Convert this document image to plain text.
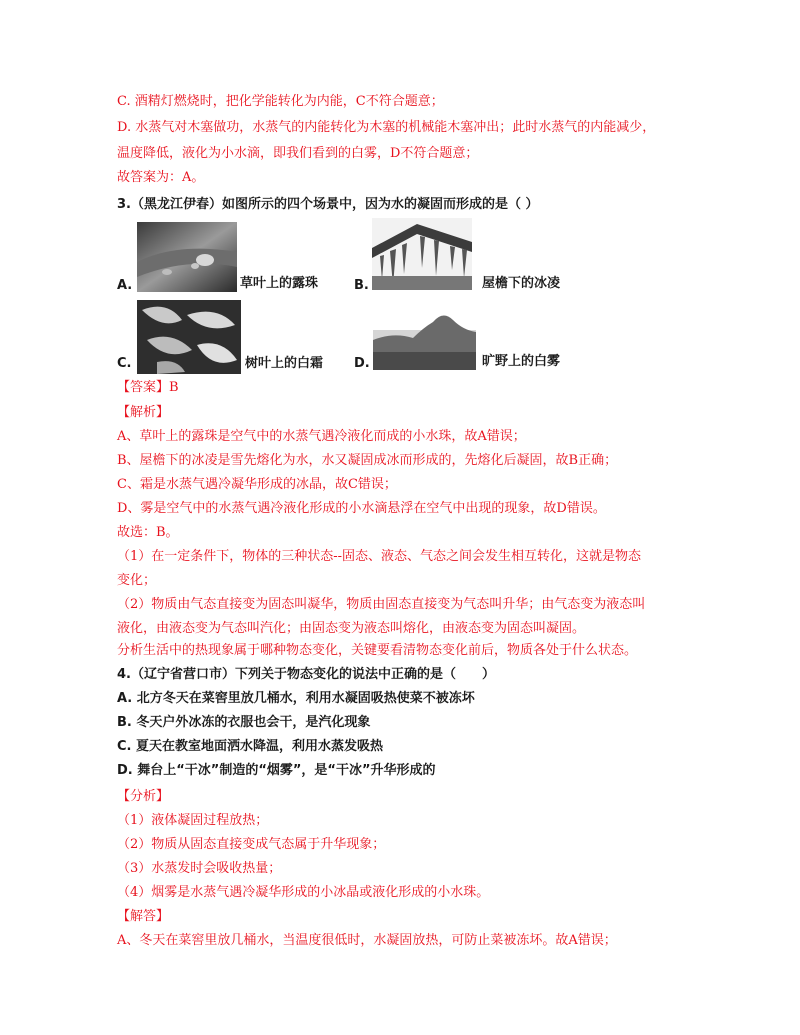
C. 酒精灯燃烧时，把化学能转化为内能，C不符合题意；
D. 水蒸气对木塞做功，水蒸气的内能转化为木塞的机械能木塞冲出；此时水蒸气的内能减少，
温度降低，液化为小水滴，即我们看到的白雾，D不符合题意；
故答案为：A。
3.（黑龙江伊春）如图所示的四个场景中，因为水的凝固而形成的是（ ）
A.	草叶上的露珠	B.	屋檐下的冰凌
C.	树叶上的白霜 D.	旷野上的白雾
【答案】B
【解析】
A、草叶上的露珠是空气中的水蒸气遇冷液化而成的小水珠，故A错误；
B、屋檐下的冰凌是雪先熔化为水，水又凝固成冰而形成的，先熔化后凝固，故B正确；
C、霜是水蒸气遇冷凝华形成的冰晶，故C错误；
D、雾是空气中的水蒸气遇冷液化形成的小水滴悬浮在空气中出现的现象，故D错误。
故选：B。
（1）在一定条件下，物体的三种状态--固态、液态、气态之间会发生相互转化，这就是物态
变化；
（2）物质由气态直接变为固态叫凝华，物质由固态直接变为气态叫升华；由气态变为液态叫
液化，由液态变为气态叫汽化；由固态变为液态叫熔化，由液态变为固态叫凝固。
分析生活中的热现象属于哪种物态变化，关键要看清物态变化前后，物质各处于什么状态。
4.（辽宁省营口市）下列关于物态变化的说法中正确的是（　　）
A. 北方冬天在菜窖里放几桶水，利用水凝固吸热使菜不被冻坏
B. 冬天户外冰冻的衣服也会干，是汽化现象
C. 夏天在教室地面洒水降温，利用水蒸发吸热
D. 舞台上“干冰”制造的“烟雾”，是“干冰”升华形成的
【分析】
（1）液体凝固过程放热；
（2）物质从固态直接变成气态属于升华现象；
（3）水蒸发时会吸收热量；
（4）烟雾是水蒸气遇冷凝华形成的小冰晶或液化形成的小水珠。
【解答】
A、冬天在菜窖里放几桶水，当温度很低时，水凝固放热，可防止菜被冻坏。故A错误；
